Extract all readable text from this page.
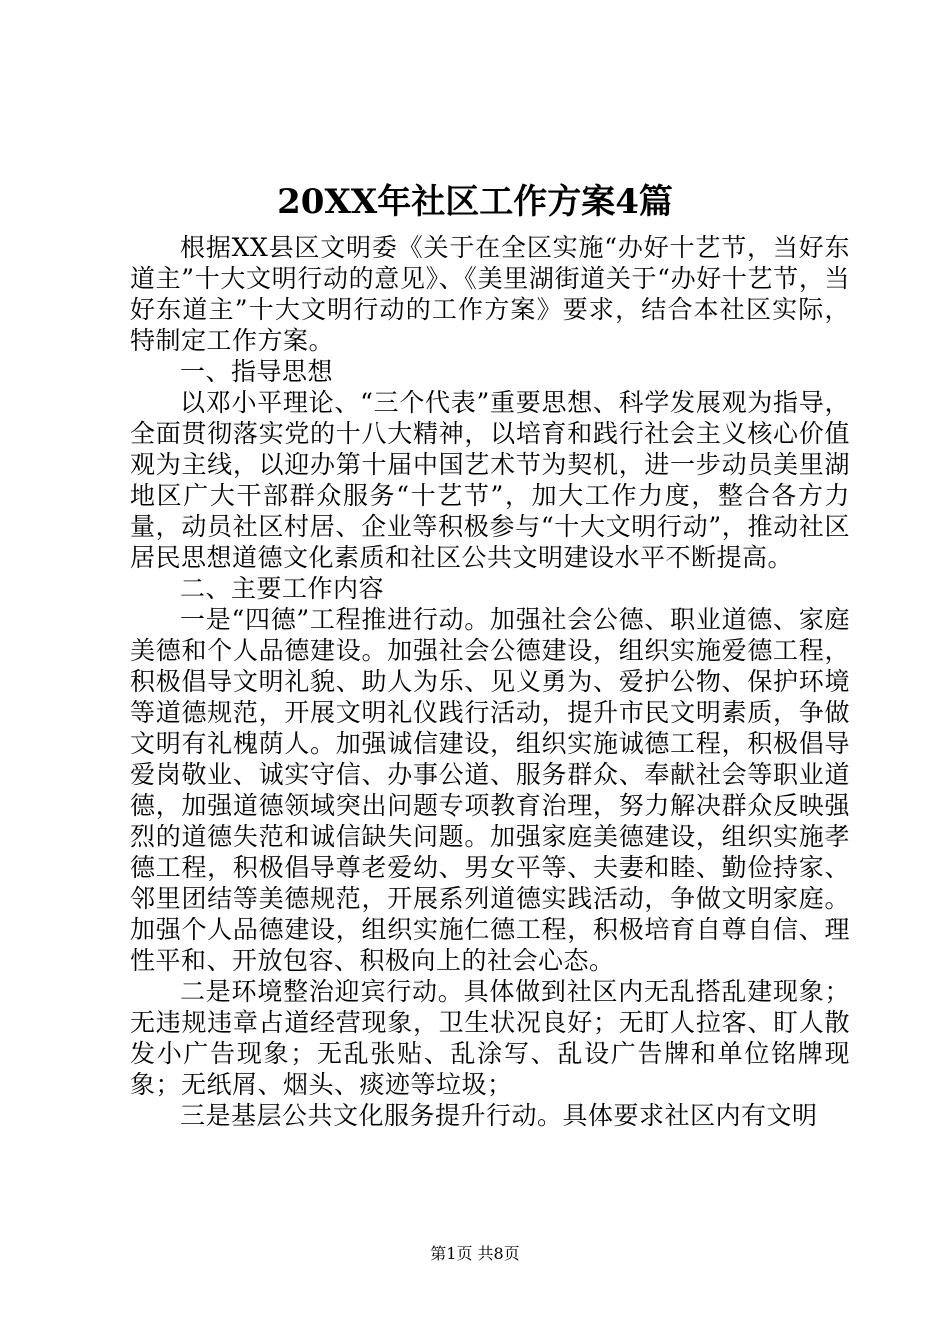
20XX年社区工作方案4篇

根据XX县区文明委《关于在全区实施“办好十艺节，当好东道主”十大文明行动的意见》、《美里湖街道关于“办好十艺节，当好东道主”十大文明行动的工作方案》要求，结合本社区实际，特制定工作方案。

一、指导思想

以邓小平理论、“三个代表”重要思想、科学发展观为指导，全面贯彻落实党的十八大精神，以培育和践行社会主义核心价值观为主线，以迎办第十届中国艺术节为契机，进一步动员美里湖地区广大干部群众服务“十艺节”，加大工作力度，整合各方力量，动员社区村居、企业等积极参与“十大文明行动”，推动社区居民思想道德文化素质和社区公共文明建设水平不断提高。

二、主要工作内容

一是“四德”工程推进行动。加强社会公德、职业道德、家庭美德和个人品德建设。加强社会公德建设，组织实施爱德工程，积极倡导文明礼貌、助人为乐、见义勇为、爱护公物、保护环境等道德规范，开展文明礼仪践行活动，提升市民文明素质，争做文明有礼槐荫人。加强诚信建设，组织实施诚德工程，积极倡导爱岗敬业、诚实守信、办事公道、服务群众、奉献社会等职业道德，加强道德领域突出问题专项教育治理，努力解决群众反映强烈的道德失范和诚信缺失问题。加强家庭美德建设，组织实施孝德工程，积极倡导尊老爱幼、男女平等、夫妻和睦、勤俭持家、邻里团结等美德规范，开展系列道德实践活动，争做文明家庭。加强个人品德建设，组织实施仁德工程，积极培育自尊自信、理性平和、开放包容、积极向上的社会心态。

二是环境整治迎宾行动。具体做到社区内无乱搭乱建现象；无违规违章占道经营现象，卫生状况良好；无盯人拉客、盯人散发小广告现象；无乱张贴、乱涂写、乱设广告牌和单位铭牌现象；无纸屑、烟头、痰迹等垃圾；

三是基层公共文化服务提升行动。具体要求社区内有文明

第1页 共8页
